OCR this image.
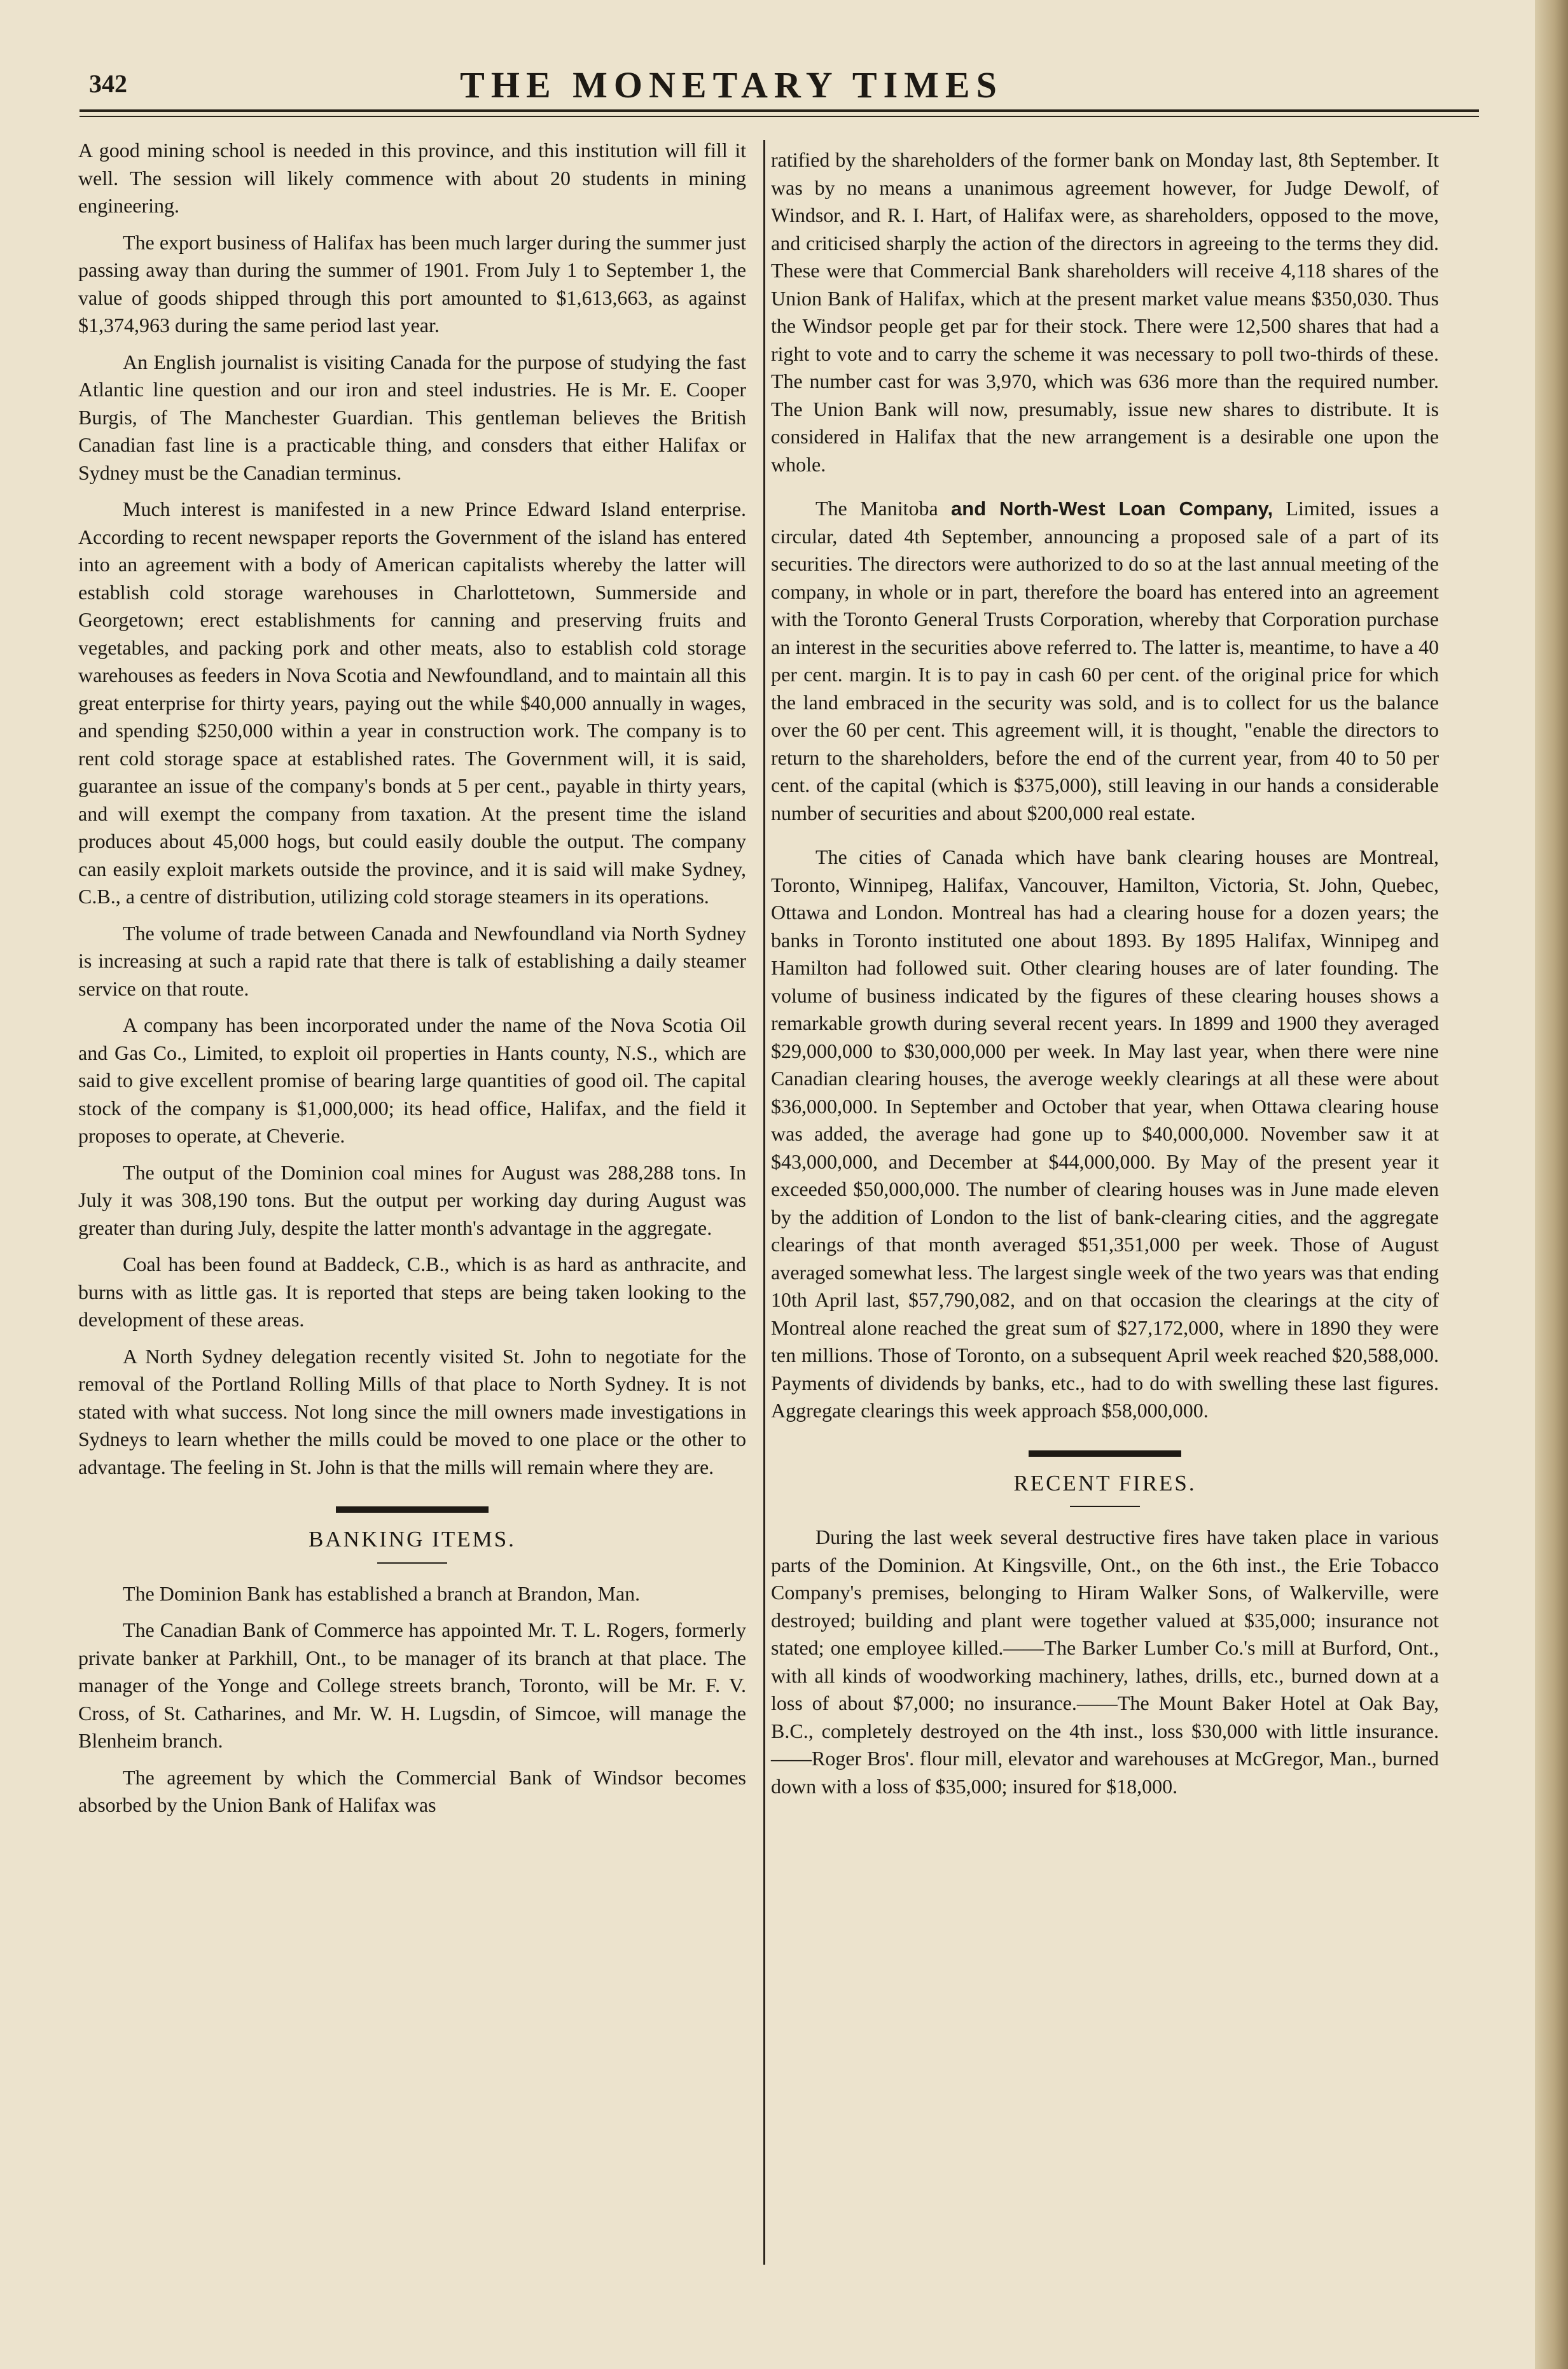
342	THE MONETARY TIMES

A good mining school is needed in this province, and this institution will fill it well. The session will likely commence with about 20 students in mining engineering.

The export business of Halifax has been much larger during the summer just passing away than during the summer of 1901. From July 1 to September 1, the value of goods shipped through this port amounted to $1,613,663, as against $1,374,963 during the same period last year.

An English journalist is visiting Canada for the purpose of studying the fast Atlantic line question and our iron and steel industries. He is Mr. E. Cooper Burgis, of The Manchester Guardian. This gentleman believes the British Canadian fast line is a practicable thing, and consders that either Halifax or Sydney must be the Canadian terminus.

Much interest is manifested in a new Prince Edward Island enterprise. According to recent newspaper reports the Government of the island has entered into an agreement with a body of American capitalists whereby the latter will establish cold storage warehouses in Charlottetown, Summerside and Georgetown; erect establishments for canning and preserving fruits and vegetables, and packing pork and other meats, also to establish cold storage warehouses as feeders in Nova Scotia and Newfoundland, and to maintain all this great enterprise for thirty years, paying out the while $40,000 annually in wages, and spending $250,000 within a year in construction work. The company is to rent cold storage space at established rates. The Government will, it is said, guarantee an issue of the company's bonds at 5 per cent., payable in thirty years, and will exempt the company from taxation. At the present time the island produces about 45,000 hogs, but could easily double the output. The company can easily exploit markets outside the province, and it is said will make Sydney, C.B., a centre of distribution, utilizing cold storage steamers in its operations.

The volume of trade between Canada and Newfoundland via North Sydney is increasing at such a rapid rate that there is talk of establishing a daily steamer service on that route.

A company has been incorporated under the name of the Nova Scotia Oil and Gas Co., Limited, to exploit oil properties in Hants county, N.S., which are said to give excellent promise of bearing large quantities of good oil. The capital stock of the company is $1,000,000; its head office, Halifax, and the field it proposes to operate, at Cheverie.

The output of the Dominion coal mines for August was 288,288 tons. In July it was 308,190 tons. But the output per working day during August was greater than during July, despite the latter month's advantage in the aggregate.

Coal has been found at Baddeck, C.B., which is as hard as anthracite, and burns with as little gas. It is reported that steps are being taken looking to the development of these areas.

A North Sydney delegation recently visited St. John to negotiate for the removal of the Portland Rolling Mills of that place to North Sydney. It is not stated with what success. Not long since the mill owners made investigations in Sydneys to learn whether the mills could be moved to one place or the other to advantage. The feeling in St. John is that the mills will remain where they are.

BANKING ITEMS.

The Dominion Bank has established a branch at Brandon, Man.

The Canadian Bank of Commerce has appointed Mr. T. L. Rogers, formerly private banker at Parkhill, Ont., to be manager of its branch at that place. The manager of the Yonge and College streets branch, Toronto, will be Mr. F. V. Cross, of St. Catharines, and Mr. W. H. Lugsdin, of Simcoe, will manage the Blenheim branch.

The agreement by which the Commercial Bank of Windsor becomes absorbed by the Union Bank of Halifax was

ratified by the shareholders of the former bank on Monday last, 8th September. It was by no means a unanimous agreement however, for Judge Dewolf, of Windsor, and R. I. Hart, of Halifax were, as shareholders, opposed to the move, and criticised sharply the action of the directors in agreeing to the terms they did. These were that Commercial Bank shareholders will receive 4,118 shares of the Union Bank of Halifax, which at the present market value means $350,030. Thus the Windsor people get par for their stock. There were 12,500 shares that had a right to vote and to carry the scheme it was necessary to poll two-thirds of these. The number cast for was 3,970, which was 636 more than the required number. The Union Bank will now, presumably, issue new shares to distribute. It is considered in Halifax that the new arrangement is a desirable one upon the whole.

The Manitoba and North-West Loan Company, Limited, issues a circular, dated 4th September, announcing a proposed sale of a part of its securities. The directors were authorized to do so at the last annual meeting of the company, in whole or in part, therefore the board has entered into an agreement with the Toronto General Trusts Corporation, whereby that Corporation purchase an interest in the securities above referred to. The latter is, meantime, to have a 40 per cent. margin. It is to pay in cash 60 per cent. of the original price for which the land embraced in the security was sold, and is to collect for us the balance over the 60 per cent. This agreement will, it is thought, "enable the directors to return to the shareholders, before the end of the current year, from 40 to 50 per cent. of the capital (which is $375,000), still leaving in our hands a considerable number of securities and about $200,000 real estate.

The cities of Canada which have bank clearing houses are Montreal, Toronto, Winnipeg, Halifax, Vancouver, Hamilton, Victoria, St. John, Quebec, Ottawa and London. Montreal has had a clearing house for a dozen years; the banks in Toronto instituted one about 1893. By 1895 Halifax, Winnipeg and Hamilton had followed suit. Other clearing houses are of later founding. The volume of business indicated by the figures of these clearing houses shows a remarkable growth during several recent years. In 1899 and 1900 they averaged $29,000,000 to $30,000,000 per week. In May last year, when there were nine Canadian clearing houses, the averoge weekly clearings at all these were about $36,000,000. In September and October that year, when Ottawa clearing house was added, the average had gone up to $40,000,000. November saw it at $43,000,000, and December at $44,000,000. By May of the present year it exceeded $50,000,000. The number of clearing houses was in June made eleven by the addition of London to the list of bank-clearing cities, and the aggregate clearings of that month averaged $51,351,000 per week. Those of August averaged somewhat less. The largest single week of the two years was that ending 10th April last, $57,790,082, and on that occasion the clearings at the city of Montreal alone reached the great sum of $27,172,000, where in 1890 they were ten millions. Those of Toronto, on a subsequent April week reached $20,588,000. Payments of dividends by banks, etc., had to do with swelling these last figures. Aggregate clearings this week approach $58,000,000.

RECENT FIRES.

During the last week several destructive fires have taken place in various parts of the Dominion. At Kingsville, Ont., on the 6th inst., the Erie Tobacco Company's premises, belonging to Hiram Walker Sons, of Walkerville, were destroyed; building and plant were together valued at $35,000; insurance not stated; one employee killed.——The Barker Lumber Co.'s mill at Burford, Ont., with all kinds of woodworking machinery, lathes, drills, etc., burned down at a loss of about $7,000; no insurance.——The Mount Baker Hotel at Oak Bay, B.C., completely destroyed on the 4th inst., loss $30,000 with little insurance.——Roger Bros'. flour mill, elevator and warehouses at McGregor, Man., burned down with a loss of $35,000; insured for $18,000.
